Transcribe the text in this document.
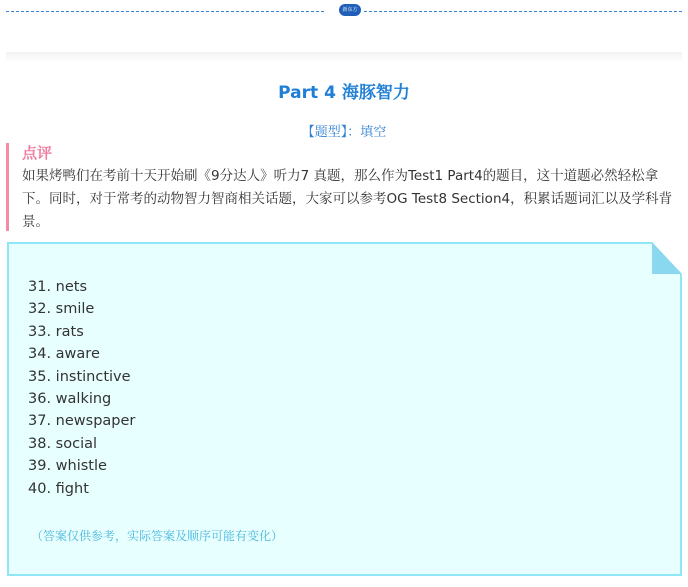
新东方
Part 4 海豚智力
【题型】：填空

点评

如果烤鸭们在考前十天开始刷《9分达人》听力7 真题，那么作为Test1 Part4的题目，这十道题必然轻松拿下。同时，对于常考的动物智力智商相关话题，大家可以参考OG Test8 Section4，积累话题词汇以及学科背景。

31. nets
32. smile
33. rats
34. aware
35. instinctive
36. walking
37. newspaper
38. social
39. whistle
40. fight
（答案仅供参考，实际答案及顺序可能有变化）
